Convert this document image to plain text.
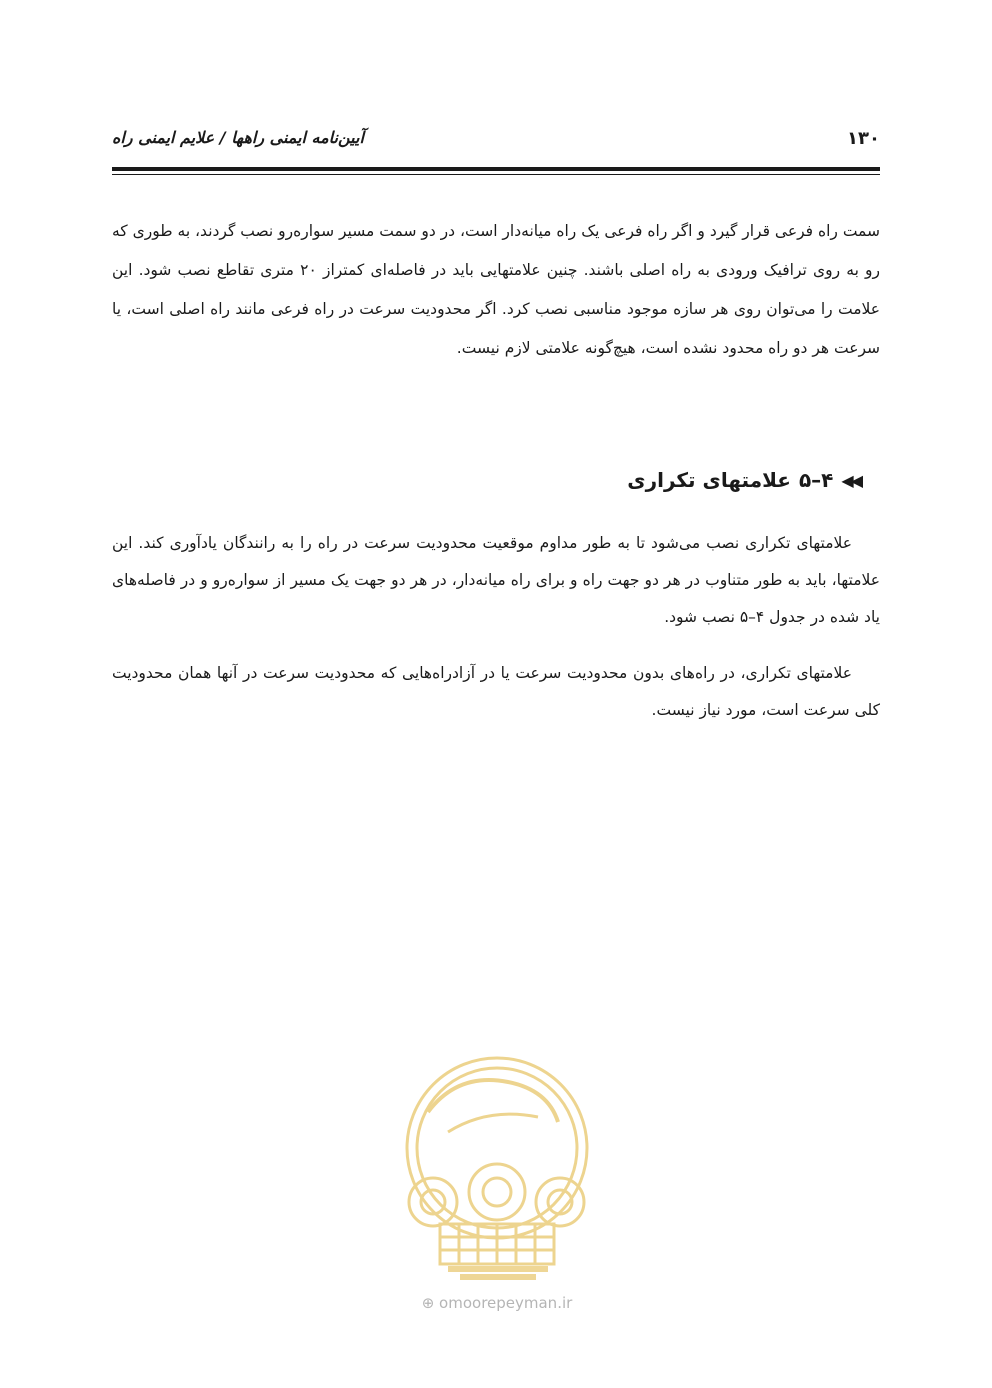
آیین‌نامه ایمنی راهها / علایم ایمنی راه	۱۳۰

سمت راه فرعی قرار گیرد و اگر راه فرعی یک راه میانه‌دار است، در دو سمت مسیر سواره‌رو نصب گردند، به طوری که رو به روی ترافیک ورودی به راه اصلی باشند. چنین علامتهایی باید در فاصله‌ای کمتراز ۲۰ متری تقاطع نصب شود. این علامت را می‌توان روی هر سازه موجود مناسبی نصب کرد. اگر محدودیت سرعت در راه فرعی مانند راه اصلی است، یا سرعت هر دو راه محدود نشده است، هیچ‌گونه علامتی لازم نیست.

◀◀
۴–۵
علامتهای تکراری

علامتهای تکراری نصب می‌شود تا به طور مداوم موقعیت محدودیت سرعت در راه را به رانندگان یادآوری کند. این علامتها، باید به طور متناوب در هر دو جهت راه و برای راه میانه‌دار، در هر دو جهت یک مسیر از سواره‌رو و در فاصله‌های یاد شده در جدول ۴–۵ نصب شود.

علامتهای تکراری، در راه‌های بدون محدودیت سرعت یا در آزادراه‌هایی که محدودیت سرعت در آنها همان محدودیت کلی سرعت است، مورد نیاز نیست.

⊕ omoorepeyman.ir
